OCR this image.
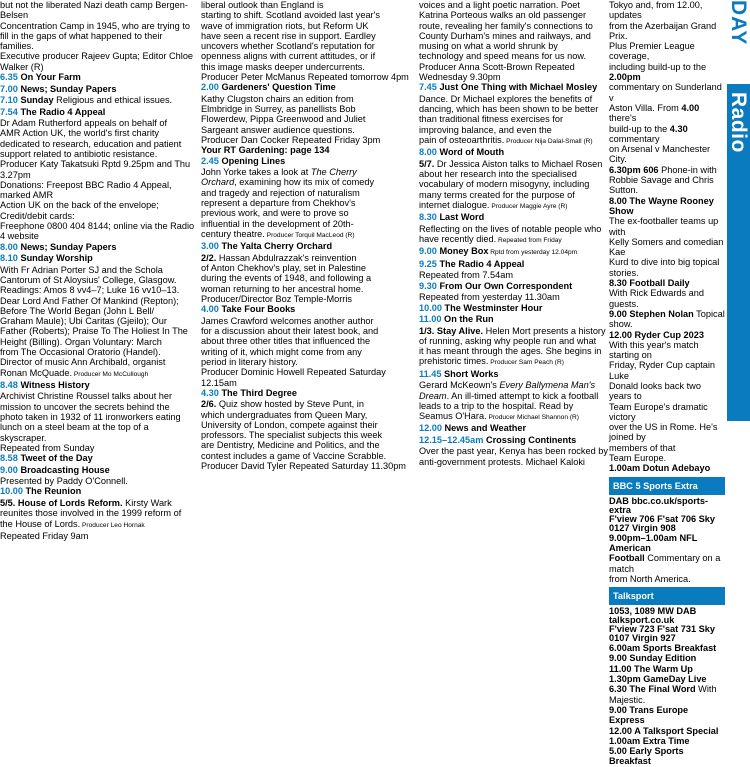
but not the liberated Nazi death camp Bergen-Belsen
Concentration Camp in 1945, who are trying to
fill in the gaps of what happened to their families.
Executive producer Rajeev Gupta; Editor Chloe Walker (R)
6.35 On Your Farm
7.00 News; Sunday Papers
7.10 Sunday Religious and ethical issues.
7.54 The Radio 4 Appeal
Dr Adam Rutherford appeals on behalf of
AMR Action UK, the world's first charity
dedicated to research, education and patient
support related to antibiotic resistance.
Producer Katy Takatsuki Rptd 9.25pm and Thu 3.27pm
Donations: Freepost BBC Radio 4 Appeal, marked AMR
Action UK on the back of the envelope; Credit/debit cards:
Freephone 0800 404 8144; online via the Radio 4 website
8.00 News; Sunday Papers
8.10 Sunday Worship
With Fr Adrian Porter SJ and the Schola
Cantorum of St Aloysius' College, Glasgow.
Readings: Amos 8 vv4–7; Luke 16 vv10–13.
Dear Lord And Father Of Mankind (Repton);
Before The World Began (John L Bell/
Graham Maule); Ubi Caritas (Gjeilo); Our
Father (Roberts); Praise To The Holiest In The
Height (Billing). Organ Voluntary: March
from The Occasional Oratorio (Handel).
Director of music Ann Archibald, organist
Ronan McQuade. Producer Mo McCullough
8.48 Witness History
Archivist Christine Roussel talks about her
mission to uncover the secrets behind the
photo taken in 1932 of 11 ironworkers eating
lunch on a steel beam at the top of a skyscraper.
Repeated from Sunday
8.58 Tweet of the Day
9.00 Broadcasting House
Presented by Paddy O'Connell.
10.00 The Reunion
5/5. House of Lords Reform. Kirsty Wark
reunites those involved in the 1999 reform of
the House of Lords. Producer Leo Hornak
Repeated Friday 9am
liberal outlook than England is
starting to shift. Scotland avoided last year's
wave of immigration riots, but Reform UK
have seen a recent rise in support. Eardley
uncovers whether Scotland's reputation for
openness aligns with current attitudes, or if
this image masks deeper undercurrents.
Producer Peter McManus Repeated tomorrow 4pm
2.00 Gardeners' Question Time
Kathy Clugston chairs an edition from
Elmbridge in Surrey, as panellists Bob
Flowerdew, Pippa Greenwood and Juliet
Sargeant answer audience questions.
Producer Dan Cocker Repeated Friday 3pm
Your RT Gardening: page 134
2.45 Opening Lines
John Yorke takes a look at The Cherry
Orchard, examining how its mix of comedy
and tragedy and rejection of naturalism
represent a departure from Chekhov's
previous work, and were to prove so
influential in the development of 20th-
century theatre. Producer Torquil MacLeod (R)
3.00 The Yalta Cherry Orchard
2/2. Hassan Abdulrazzak's reinvention
of Anton Chekhov's play, set in Palestine
during the events of 1948, and following a
woman returning to her ancestral home.
Producer/Director Boz Temple-Morris
4.00 Take Four Books
James Crawford welcomes another author
for a discussion about their latest book, and
about three other titles that influenced the
writing of it, which might come from any
period in literary history.
Producer Dominic Howell Repeated Saturday 12.15am
4.30 The Third Degree
2/6. Quiz show hosted by Steve Punt, in
which undergraduates from Queen Mary,
University of London, compete against their
professors. The specialist subjects this week
are Dentistry, Medicine and Politics, and the
contest includes a game of Vaccine Scrabble.
Producer David Tyler Repeated Saturday 11.30pm
voices and a light poetic narration. Poet
Katrina Porteous walks an old passenger
route, revealing her family's connections to
County Durham's mines and railways, and
musing on what a world shrunk by
technology and speed means for us now.
Producer Anna Scott-Brown Repeated Wednesday 9.30pm
7.45 Just One Thing with Michael Mosley
Dance. Dr Michael explores the benefits of
dancing, which has been shown to be better
than traditional fitness exercises for
improving balance, and even the
pain of osteoarthritis. Producer Nija Dalal-Small (R)
8.00 Word of Mouth
5/7. Dr Jessica Aiston talks to Michael Rosen
about her research into the specialised
vocabulary of modern misogyny, including
many terms created for the purpose of
internet dialogue. Producer Maggie Ayre (R)
8.30 Last Word
Reflecting on the lives of notable people who
have recently died. Repeated from Friday
9.00 Money Box Rptd from yesterday 12.04pm
9.25 The Radio 4 Appeal
Repeated from 7.54am
9.30 From Our Own Correspondent
Repeated from yesterday 11.30am
10.00 The Westminster Hour
11.00 On the Run
1/3. Stay Alive. Helen Mort presents a history
of running, asking why people run and what
it has meant through the ages. She begins in
prehistoric times. Producer Sam Peach (R)
11.45 Short Works
Gerard McKeown's Every Ballymena Man's
Dream. An ill-timed attempt to kick a football
leads to a trip to the hospital. Read by
Seamus O'Hara. Producer Michael Shannon (R)
12.00 News and Weather
12.15–12.45am Crossing Continents
Over the past year, Kenya has been rocked by
anti-government protests. Michael Kaloki
Tokyo and, from 12.00, updates
from the Azerbaijan Grand Prix.
Plus Premier League coverage,
including build-up to the 2.00pm
commentary on Sunderland v
Aston Villa. From 4.00 there's
build-up to the 4.30 commentary
on Arsenal v Manchester City.
6.30pm 606 Phone-in with
Robbie Savage and Chris Sutton.
8.00 The Wayne Rooney Show
The ex-footballer teams up with
Kelly Somers and comedian Kae
Kurd to dive into big topical stories.
8.30 Football Daily
With Rick Edwards and guests.
9.00 Stephen Nolan Topical show.
12.00 Ryder Cup 2023
With this year's match starting on
Friday, Ryder Cup captain Luke
Donald looks back two years to
Team Europe's dramatic victory
over the US in Rome. He's joined by
members of that
Team Europe.
1.00am Dotun Adebayo
BBC 5 Sports Extra
DAB bbc.co.uk/sports-extra
F'view 706 F'sat 706 Sky 0127 Virgin 908
9.00pm–1.00am NFL American
Football Commentary on a match
from North America.
Talksport
1053, 1089 MW DAB talksport.co.uk
F'view 723 F'sat 731 Sky 0107 Virgin 927
6.00am Sports Breakfast
9.00 Sunday Edition
11.00 The Warm Up
1.30pm GameDay Live
6.30 The Final Word With Majestic.
9.00 Trans Europe Express
12.00 A Talksport Special
1.00am Extra Time
5.00 Early Sports Breakfast
DAY
Radio
